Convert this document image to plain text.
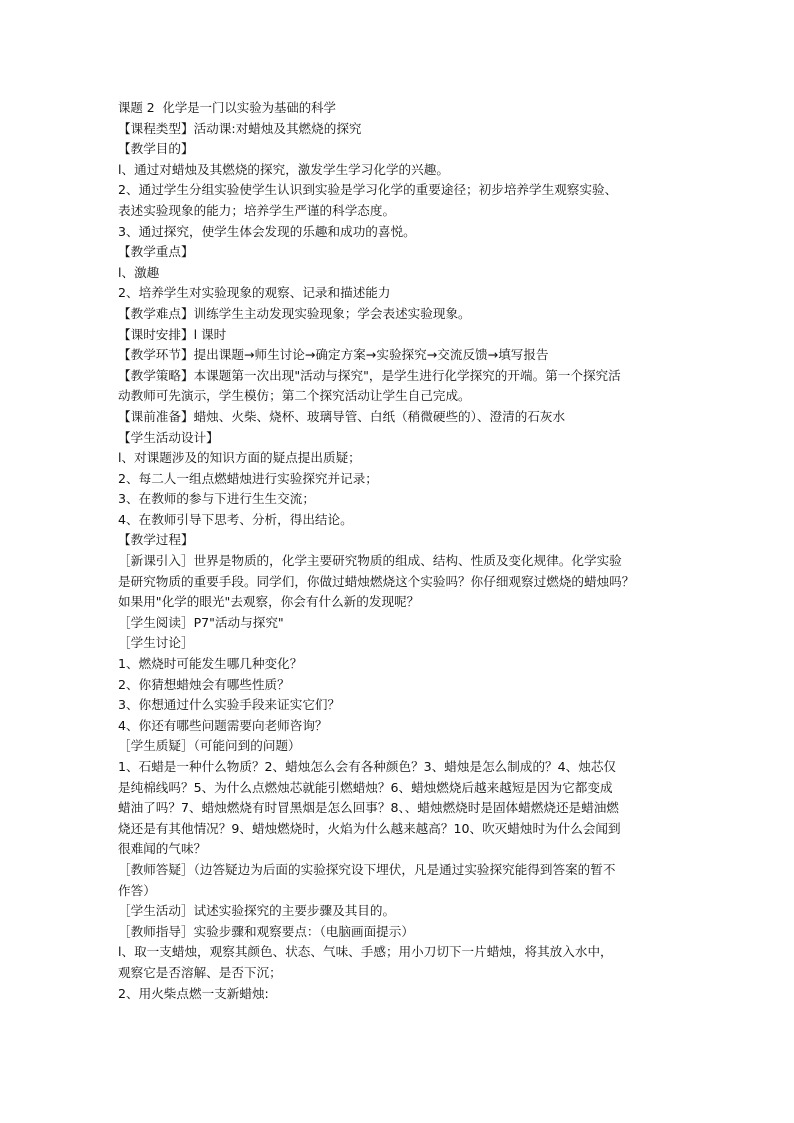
课题 2  化学是一门以实验为基础的科学

【课程类型】活动课:对蜡烛及其燃烧的探究

【教学目的】

l、通过对蜡烛及其燃烧的探究，激发学生学习化学的兴趣。

2、通过学生分组实验使学生认识到实验是学习化学的重要途径；初步培养学生观察实验、

表述实验现象的能力；培养学生严谨的科学态度。

3、通过探究，使学生体会发现的乐趣和成功的喜悦。

【教学重点】

l、激趣

2、培养学生对实验现象的观察、记录和描述能力

【教学难点】训练学生主动发现实验现象；学会表述实验现象。

【课时安排】l 课时

【教学环节】提出课题→师生讨论→确定方案→实验探究→交流反馈→填写报告

【教学策略】本课题第一次出现"活动与探究"，是学生进行化学探究的开端。第一个探究活

动教师可先演示，学生模仿；第二个探究活动让学生自己完成。

【课前准备】蜡烛、火柴、烧杯、玻璃导管、白纸（稍微硬些的）、澄清的石灰水

【学生活动设计】

l、对课题涉及的知识方面的疑点提出质疑；

2、每二人一组点燃蜡烛进行实验探究并记录；

3、在教师的参与下进行生生交流；

4、在教师引导下思考、分析，得出结论。

【教学过程】

［新课引入］世界是物质的，化学主要研究物质的组成、结构、性质及变化规律。化学实验

是研究物质的重要手段。同学们，你做过蜡烛燃烧这个实验吗？你仔细观察过燃烧的蜡烛吗？

如果用"化学的眼光"去观察，你会有什么新的发现呢？

［学生阅读］P7"活动与探究"

［学生讨论］

1、燃烧时可能发生哪几种变化？

2、你猜想蜡烛会有哪些性质？

3、你想通过什么实验手段来证实它们？

4、你还有哪些问题需要向老师咨询？

［学生质疑］（可能问到的问题）

1、石蜡是一种什么物质？2、蜡烛怎么会有各种颜色？3、蜡烛是怎么制成的？4、烛芯仅

是纯棉线吗？5、为什么点燃烛芯就能引燃蜡烛？6、蜡烛燃烧后越来越短是因为它都变成

蜡油了吗？7、蜡烛燃烧有时冒黑烟是怎么回事？8、、蜡烛燃烧时是固体蜡燃烧还是蜡油燃

烧还是有其他情况？9、蜡烛燃烧时，火焰为什么越来越高？10、吹灭蜡烛时为什么会闻到

很难闻的气味？

［教师答疑］（边答疑边为后面的实验探究设下埋伏，凡是通过实验探究能得到答案的暂不

作答）

［学生活动］试述实验探究的主要步骤及其目的。

［教师指导］实验步骤和观察要点：（电脑画面提示）

l、取一支蜡烛，观察其颜色、状态、气味、手感；用小刀切下一片蜡烛，将其放入水中，

观察它是否溶解、是否下沉；

2、用火柴点燃一支新蜡烛:
